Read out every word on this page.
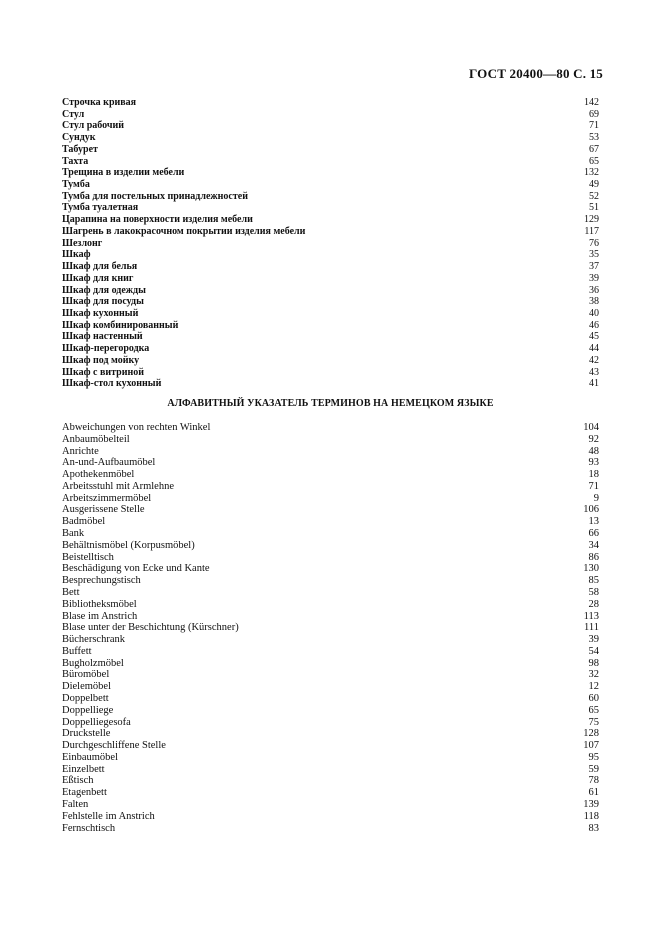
ГОСТ 20400—80 С. 15
Строчка кривая	142
Стул	69
Стул рабочий	71
Сундук	53
Табурет	67
Тахта	65
Трещина в изделии мебели	132
Тумба	49
Тумба для постельных принадлежностей	52
Тумба туалетная	51
Царапина на поверхности изделия мебели	129
Шагрень в лакокрасочном покрытии изделия мебели	117
Шезлонг	76
Шкаф	35
Шкаф для белья	37
Шкаф для книг	39
Шкаф для одежды	36
Шкаф для посуды	38
Шкаф кухонный	40
Шкаф комбинированный	46
Шкаф настенный	45
Шкаф-перегородка	44
Шкаф под мойку	42
Шкаф с витриной	43
Шкаф-стол кухонный	41
АЛФАВИТНЫЙ УКАЗАТЕЛЬ ТЕРМИНОВ НА НЕМЕЦКОМ ЯЗЫКЕ
Abweichungen von rechten Winkel	104
Anbaumöbelteil	92
Anrichte	48
An-und-Aufbaumöbel	93
Apothekenmöbel	18
Arbeitsstuhl mit Armlehne	71
Arbeitszimmermöbel	9
Ausgerissene Stelle	106
Badmöbel	13
Bank	66
Behältnismöbel (Korpusmöbel)	34
Beistelltisch	86
Beschädigung von Ecke und Kante	130
Besprechungstisch	85
Bett	58
Bibliotheksmöbel	28
Blase im Anstrich	113
Blase unter der Beschichtung (Kürschner)	111
Bücherschrank	39
Buffett	54
Bugholzmöbel	98
Büromöbel	32
Dielemöbel	12
Doppelbett	60
Doppelliege	65
Doppelliegesofa	75
Druckstelle	128
Durchgeschliffene Stelle	107
Einbaumöbel	95
Einzelbett	59
Eßtisch	78
Etagenbett	61
Falten	139
Fehlstelle im Anstrich	118
Fernschtisch	83
